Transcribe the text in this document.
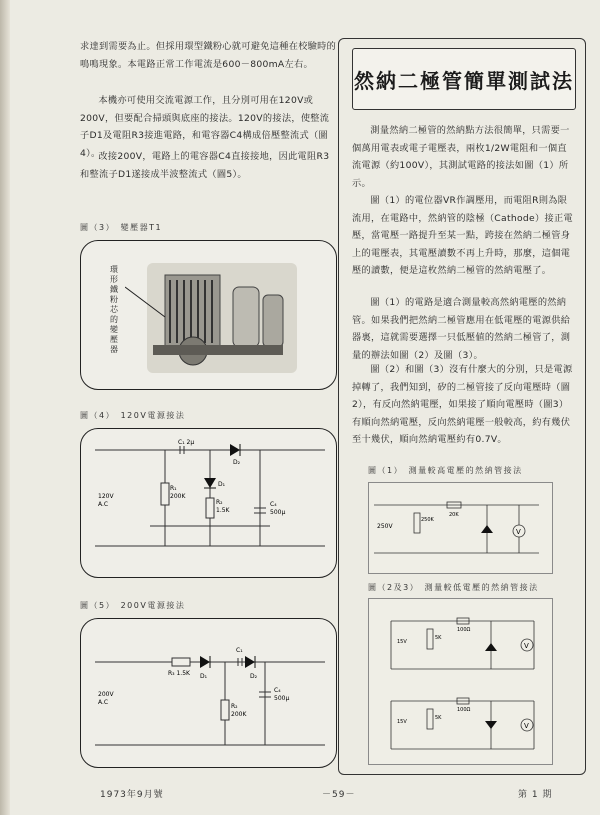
求達到需要為止。但採用環型鐵粉心就可避免這種在校驗時的鳴鳴現象。本電路正常工作電流是600－800mA左右。

本機亦可使用交流電源工作，且分別可用在120V或200V，但要配合掃頭與底座的接法。120V的接法，使整流子D1及電阻R3接進電路，和電容器C4構成倍壓整流式（圖4）。

改接200V，電路上的電容器C4直接接地，因此電阻R3和整流子D1遂接成半波整流式（圖5）。

圖（3）　變壓器T1
環形鐵粉芯的變壓器
圖（4）　120V電源接法
C₁ 2µ
D₂
D₁
R₁
200K
R₂
1.5K
C₄
500µ
120V
A.C
圖（5）　200V電源接法
R₃ 1.5K D₁	D₂
C₁
R₂
200K
C₄
500µ
200V
A.C
然納二極管簡單測試法

測量然納二極管的然納點方法很簡單，只需要一個萬用電表或電子電壓表，兩枚1/2W電阻和一個直流電源（約100V），其測試電路的接法如圖（1）所示。

圖（1）的電位器VR作調壓用，而電阻R則為限流用，在電路中，然納管的陰極（Cathode）接正電壓，當電壓一路提升至某一點，跨接在然納二極管身上的電壓表，其電壓讀數不再上升時，那麼，這個電壓的讀數，便是這枚然納二極管的然納電壓了。

圖（1）的電路是適合測量較高然納電壓的然納管。如果我們把然納二極管應用在低電壓的電源供給器裏，這就需要選擇一只低壓値的然納二極管了，測量的辦法如圖（2）及圖（3）。

圖（2）和圖（3）沒有什麼大的分別，只是電源掉轉了，我們知到，矽的二極管接了反向電壓時（圖2），有反向然納電壓，如果接了順向電壓時（圖3）有順向然納電壓，反向然納電壓一般較高，約有幾伏至十幾伏，順向然納電壓約有0.7V。

圖（1）　測量較高電壓的然納管接法
V
250V
250K
20K
圖（2及3）　測量較低電壓的然納管接法
V
V
15V
15V
5K
5K
100Ω
100Ω
1973年9月號	－59－	第 1 期
